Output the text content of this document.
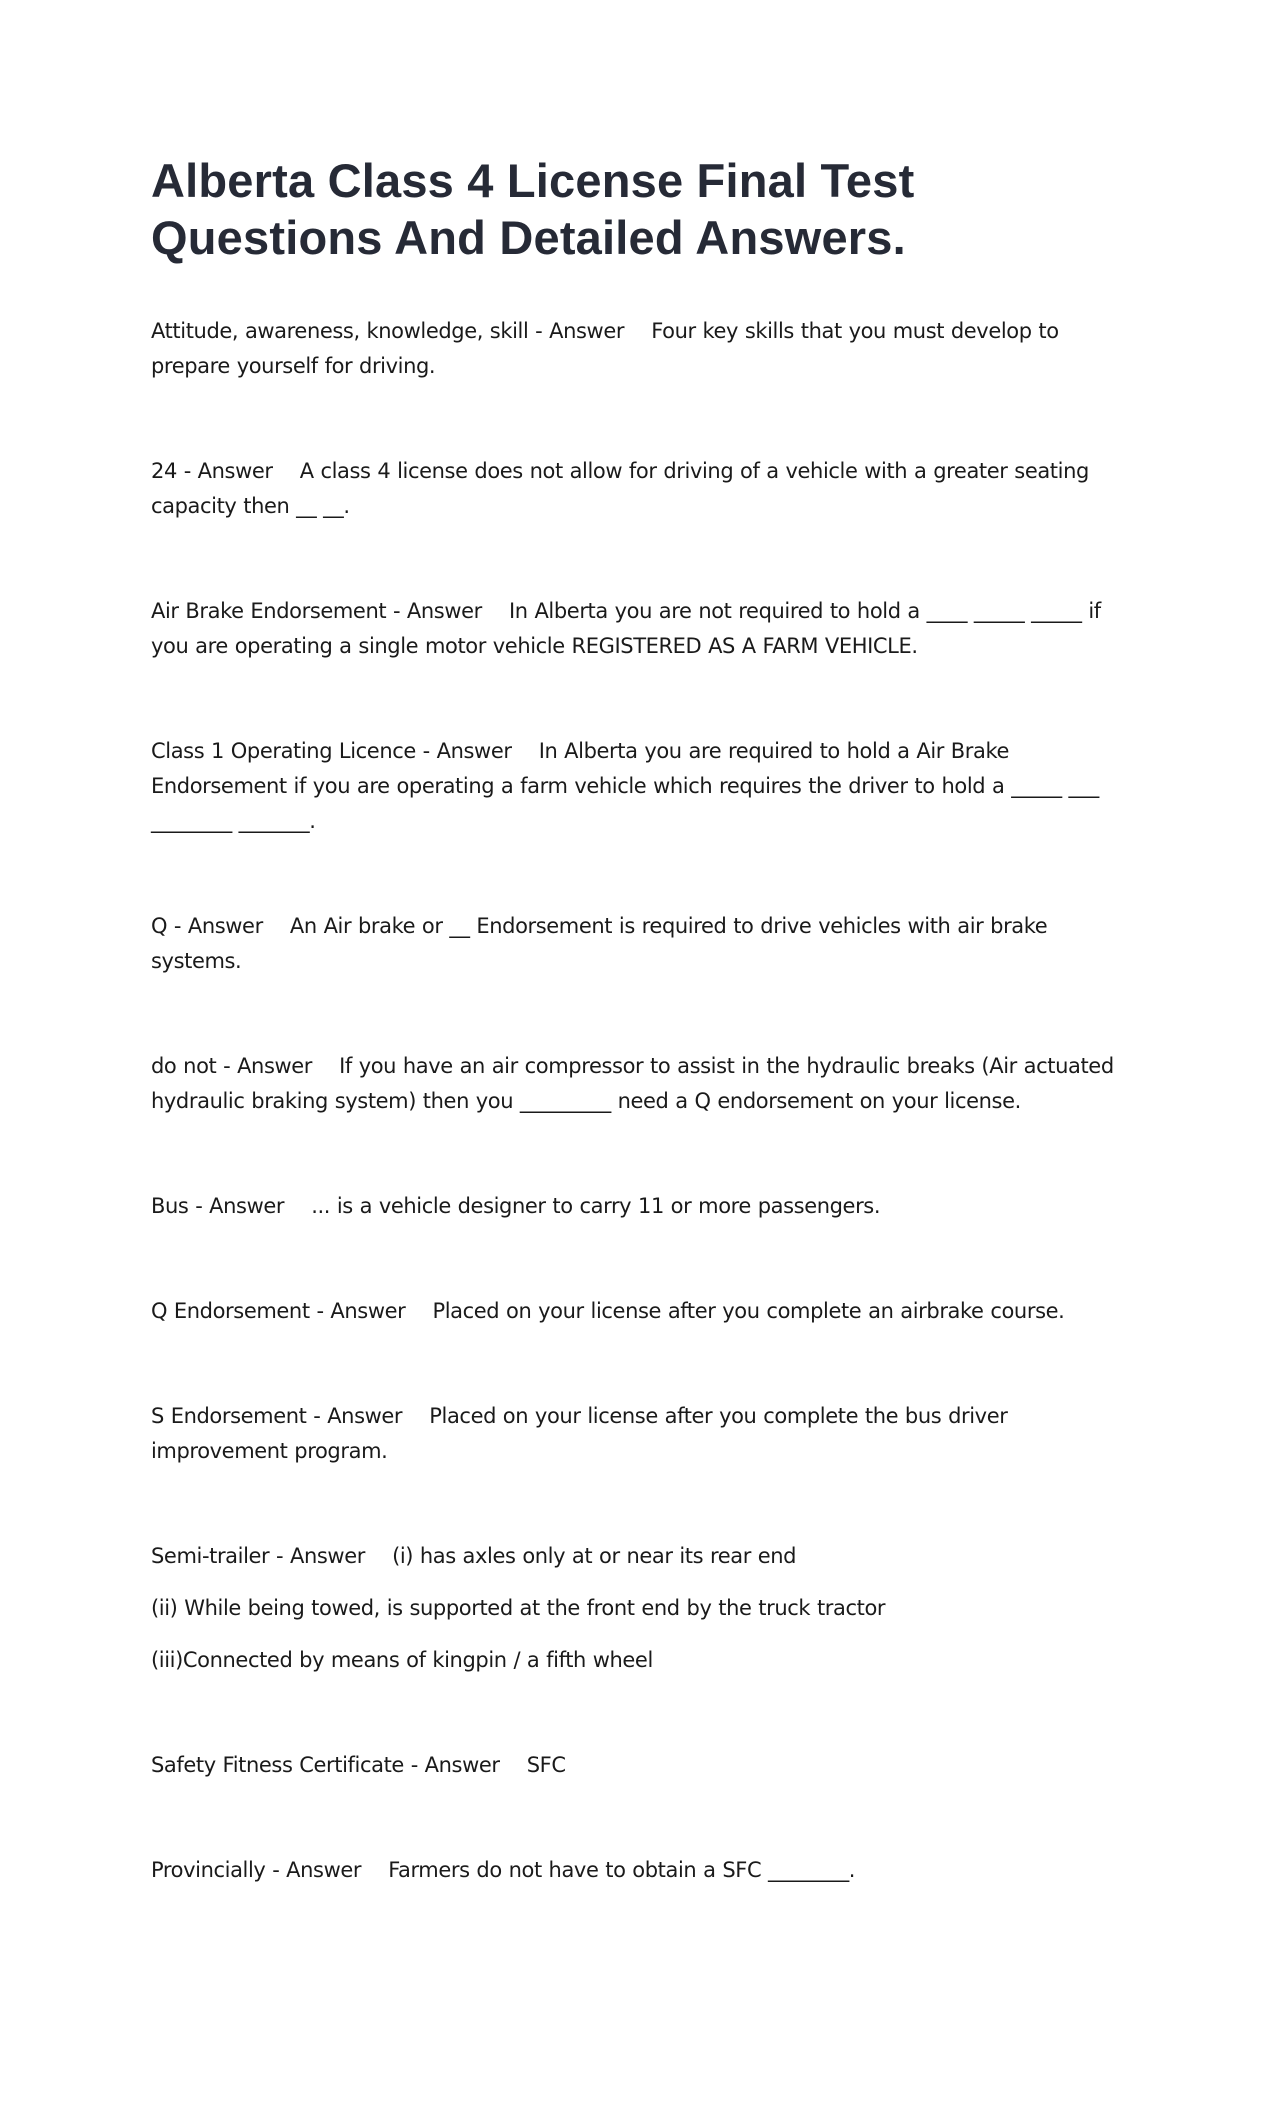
Alberta Class 4 License Final Test Questions And Detailed Answers.

Attitude, awareness, knowledge, skill - Answer Four key skills that you must develop to prepare yourself for driving.

24 - Answer A class 4 license does not allow for driving of a vehicle with a greater seating capacity then __ __.

Air Brake Endorsement - Answer In Alberta you are not required to hold a ____ _____ _____ if you are operating a single motor vehicle REGISTERED AS A FARM VEHICLE.

Class 1 Operating Licence - Answer In Alberta you are required to hold a Air Brake Endorsement if you are operating a farm vehicle which requires the driver to hold a _____ ___ ________ _______.

Q - Answer An Air brake or __ Endorsement is required to drive vehicles with air brake systems.

do not - Answer If you have an air compressor to assist in the hydraulic breaks (Air actuated hydraulic braking system) then you _________ need a Q endorsement on your license.

Bus - Answer ... is a vehicle designer to carry 11 or more passengers.

Q Endorsement - Answer Placed on your license after you complete an airbrake course.

S Endorsement - Answer Placed on your license after you complete the bus driver improvement program.

Semi-trailer - Answer (i) has axles only at or near its rear end

(ii) While being towed, is supported at the front end by the truck tractor

(iii)Connected by means of kingpin / a fifth wheel

Safety Fitness Certificate - Answer SFC

Provincially - Answer Farmers do not have to obtain a SFC ________.
